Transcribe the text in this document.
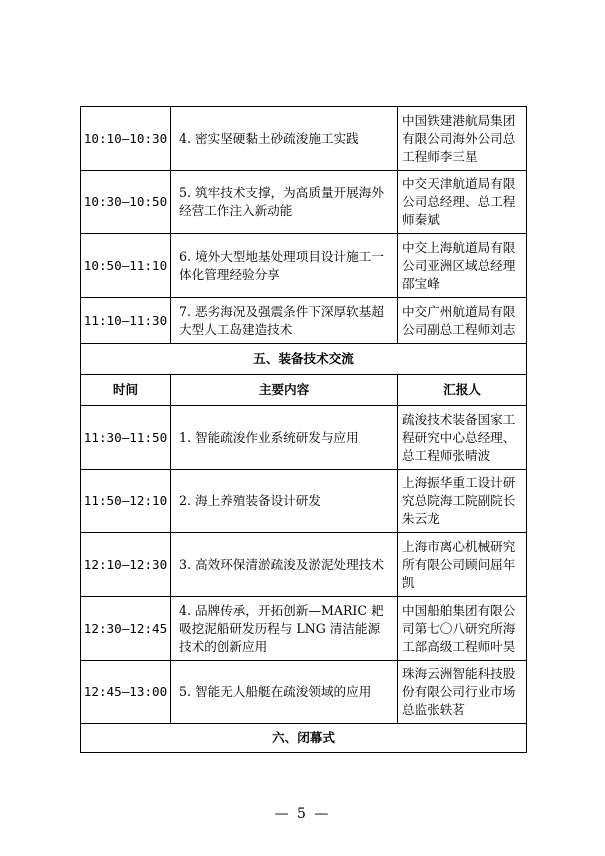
10:10–10:30	4. 密实坚硬黏土砂疏浚施工实践	中国铁建港航局集团有限公司海外公司总工程师李三星
10:30–10:50	5. 筑牢技术支撑，为高质量开展海外经营工作注入新动能	中交天津航道局有限公司总经理、总工程师秦斌
10:50–11:10	6. 境外大型地基处理项目设计施工一体化管理经验分享	中交上海航道局有限公司亚洲区域总经理邵宝峰
11:10–11:30	7. 恶劣海况及强震条件下深厚软基超大型人工岛建造技术	中交广州航道局有限公司副总工程师刘志
五、装备技术交流		
时间	主要内容	汇报人
11:30–11:50	1. 智能疏浚作业系统研发与应用	疏浚技术装备国家工程研究中心总经理、总工程师张晴波
11:50–12:10	2. 海上养殖装备设计研发	上海振华重工设计研究总院海工院副院长朱云龙
12:10–12:30	3. 高效环保清淤疏浚及淤泥处理技术	上海市离心机械研究所有限公司顾问屈年凯
12:30–12:45	4. 品牌传承，开拓创新—MARIC 耙吸挖泥船研发历程与 LNG 清洁能源技术的创新应用	中国船舶集团有限公司第七〇八研究所海工部高级工程师叶昊
12:45–13:00	5. 智能无人船艇在疏浚领域的应用	珠海云洲智能科技股份有限公司行业市场总监张轶茗
六、闭幕式		
— 5 —
